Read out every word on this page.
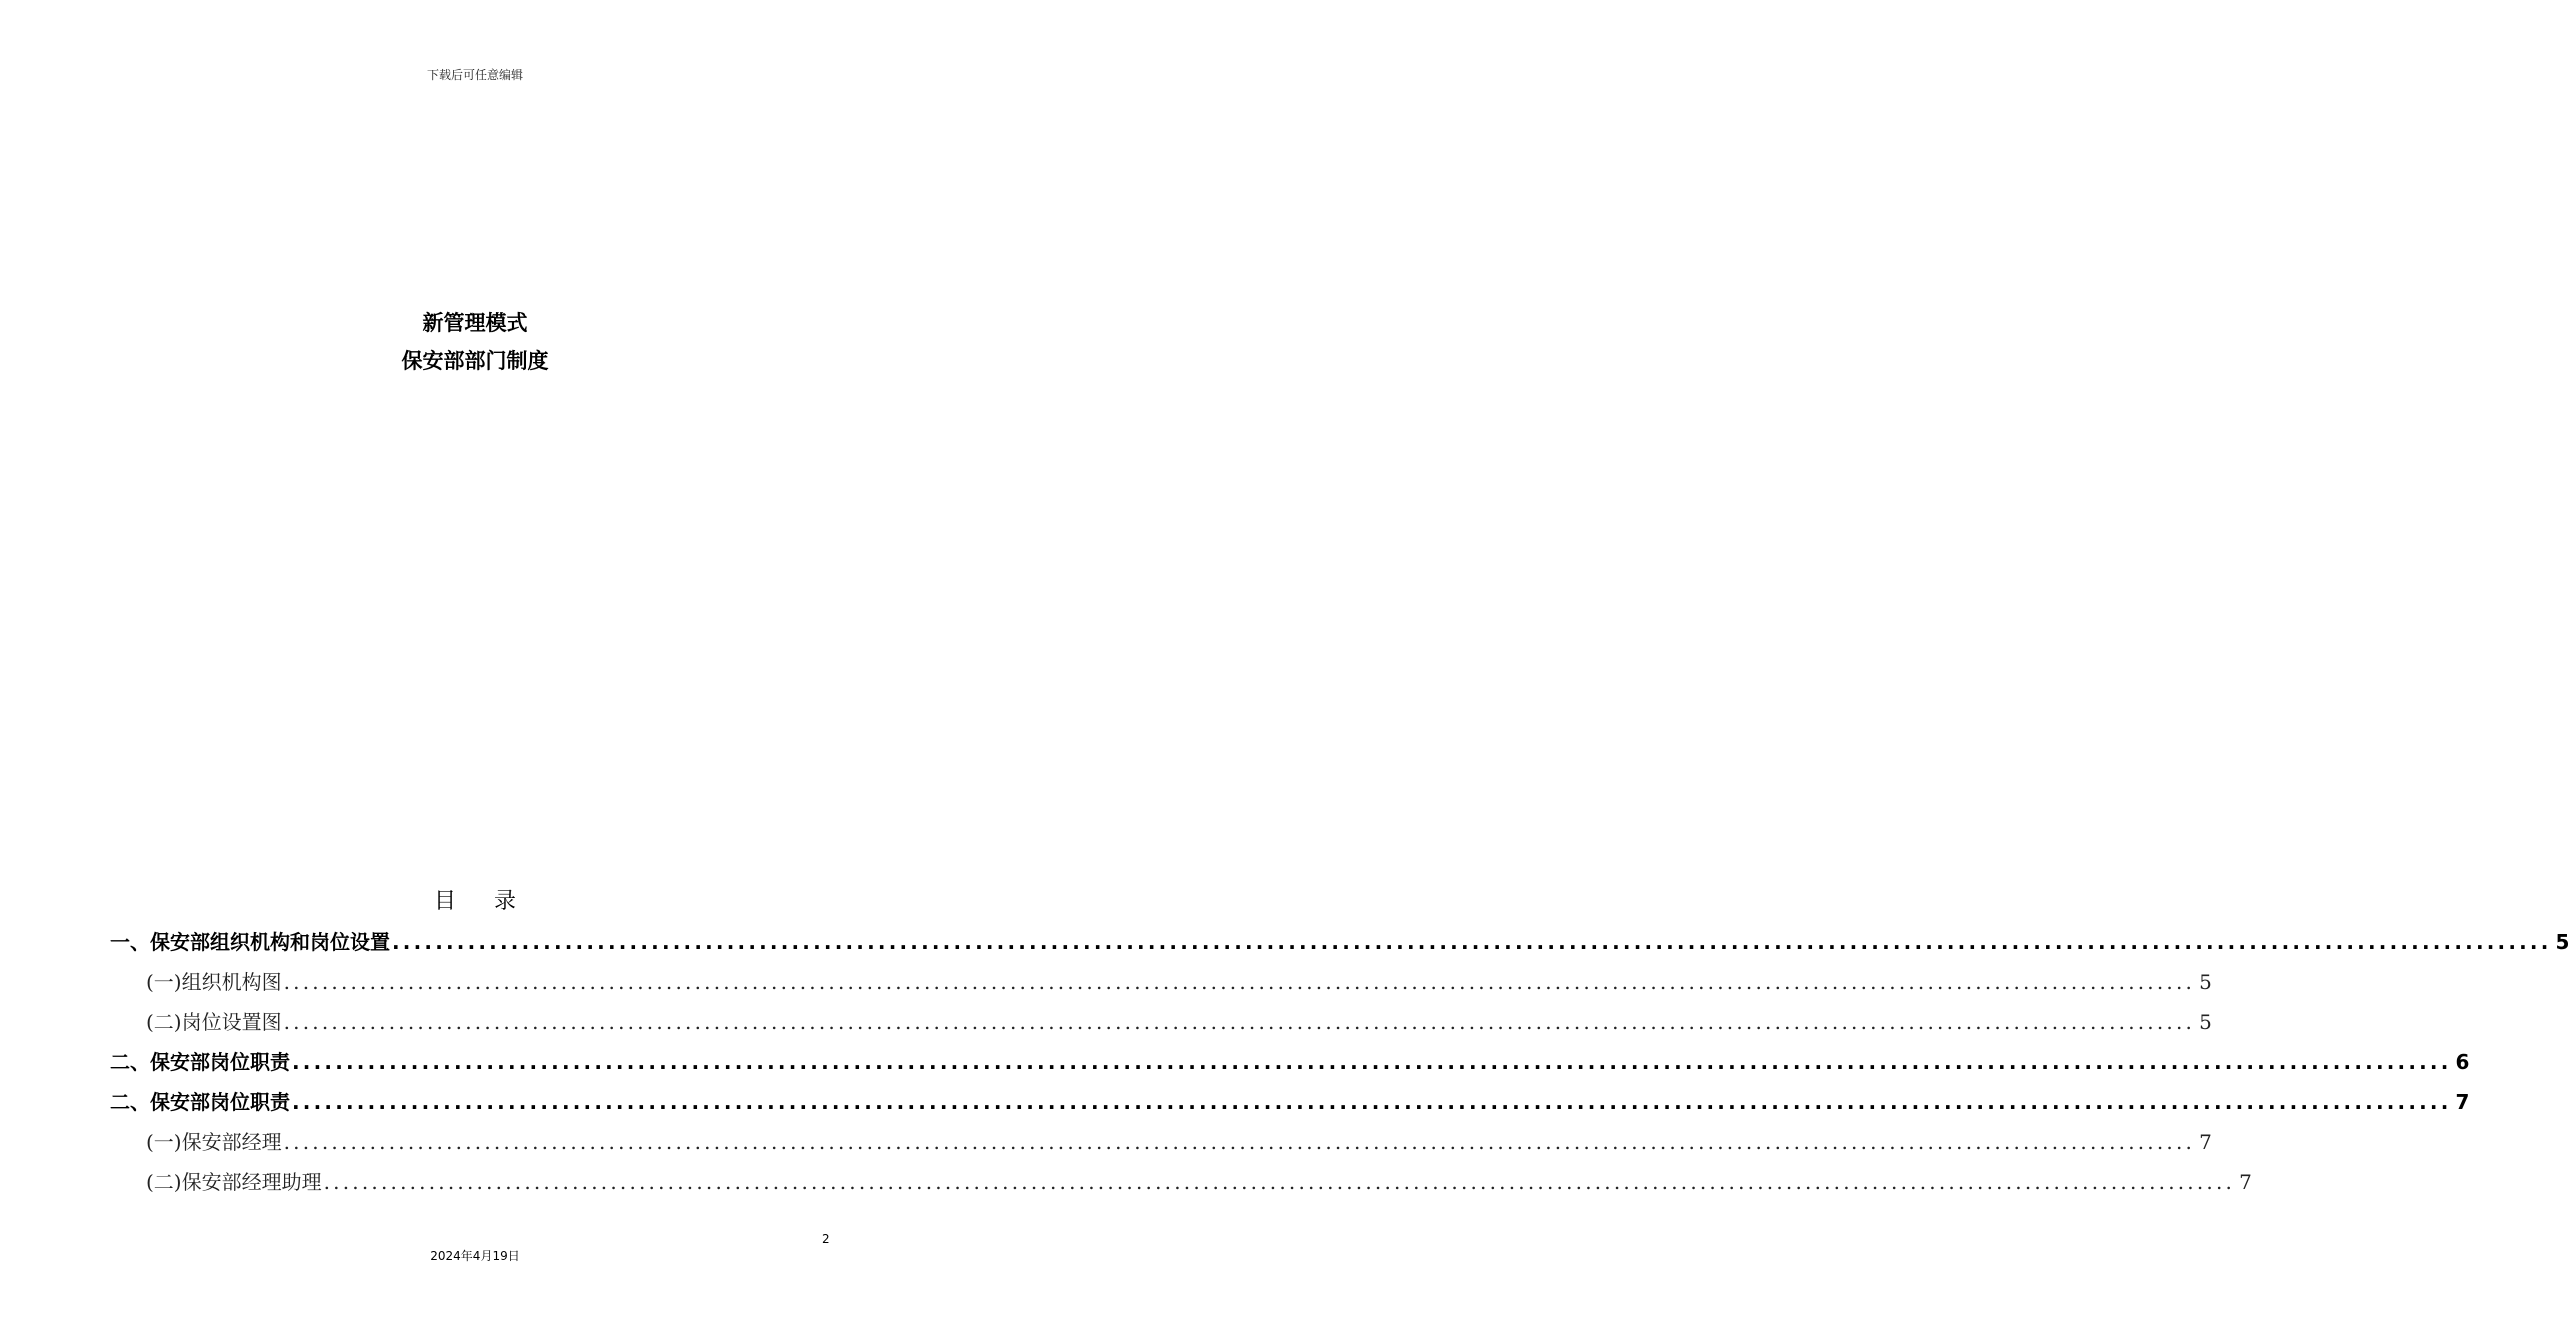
下载后可任意编辑
新管理模式
保安部部门制度
目录
一、保安部组织机构和岗位设置 ........................................................................................................................................................................................................ 5
(一)组织机构图 ........................................................................................................................................................................................................ 5
(二)岗位设置图 ........................................................................................................................................................................................................ 5
二、保安部岗位职责 ........................................................................................................................................................................................................ 6
二、保安部岗位职责 ........................................................................................................................................................................................................ 7
(一)保安部经理 ........................................................................................................................................................................................................ 7
(二)保安部经理助理 ........................................................................................................................................................................................................ 7
2
2024年4月19日
